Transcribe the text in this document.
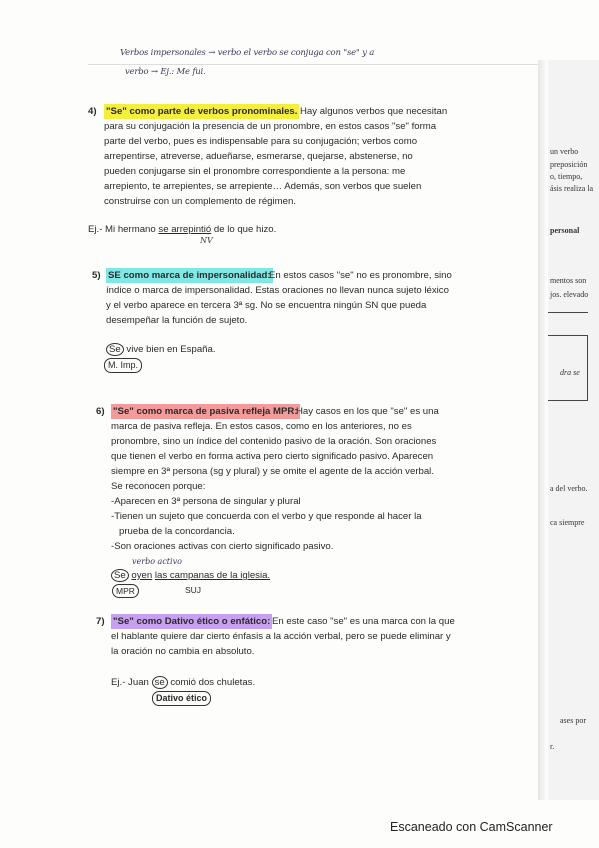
un verbo
preposición
o, tiempo,
ásis realiza la
personal
mentos son
jos. elevado
dra se
a del verbo.
ca siempre
ases por
r.
Verbos impersonales → verbo el verbo se conjuga con "se" y a
verbo → Ej.: Me fui.
4) "Se" como parte de verbos pronominales. Hay algunos verbos que necesitan
para su conjugación la presencia de un pronombre, en estos casos "se" forma
parte del verbo, pues es indispensable para su conjugación; verbos como
arrepentirse, atreverse, adueñarse, esmerarse, quejarse, abstenerse, no
pueden conjugarse sin el pronombre correspondiente a la persona: me
arrepiento, te arrepientes, se arrepiente… Además, son verbos que suelen
construirse con un complemento de régimen.
Ej.- Mi hermano se arrepintió de lo que hizo.
NV
5) SE como marca de impersonalidad:
En estos casos "se" no es pronombre, sino
índice o marca de impersonalidad. Estas oraciones no llevan nunca sujeto léxico
y el verbo aparece en tercera 3ª sg. No se encuentra ningún SN que pueda
desempeñar la función de sujeto.
Se vive bien en España.
M. Imp.
6) "Se" como marca de pasiva refleja MPR:
Hay casos en los que "se" es una
marca de pasiva refleja. En estos casos, como en los anteriores, no es
pronombre, sino un índice del contenido pasivo de la oración. Son oraciones
que tienen el verbo en forma activa pero cierto significado pasivo. Aparecen
siempre en 3ª persona (sg y plural) y se omite el agente de la acción verbal.
Se reconocen porque:
-Aparecen en 3ª persona de singular y plural
-Tienen un sujeto que concuerda con el verbo y que responde al hacer la
prueba de la concordancia.
-Son oraciones activas con cierto significado pasivo.
verbo activo
Se oyen las campanas de la iglesia.
MPR	SUJ
7) "Se" como Dativo ético o enfático: En este caso "se" es una marca con la que
el hablante quiere dar cierto énfasis a la acción verbal, pero se puede eliminar y
la oración no cambia en absoluto.
Ej.- Juan se comió dos chuletas.
Dativo ético
Escaneado con CamScanner
